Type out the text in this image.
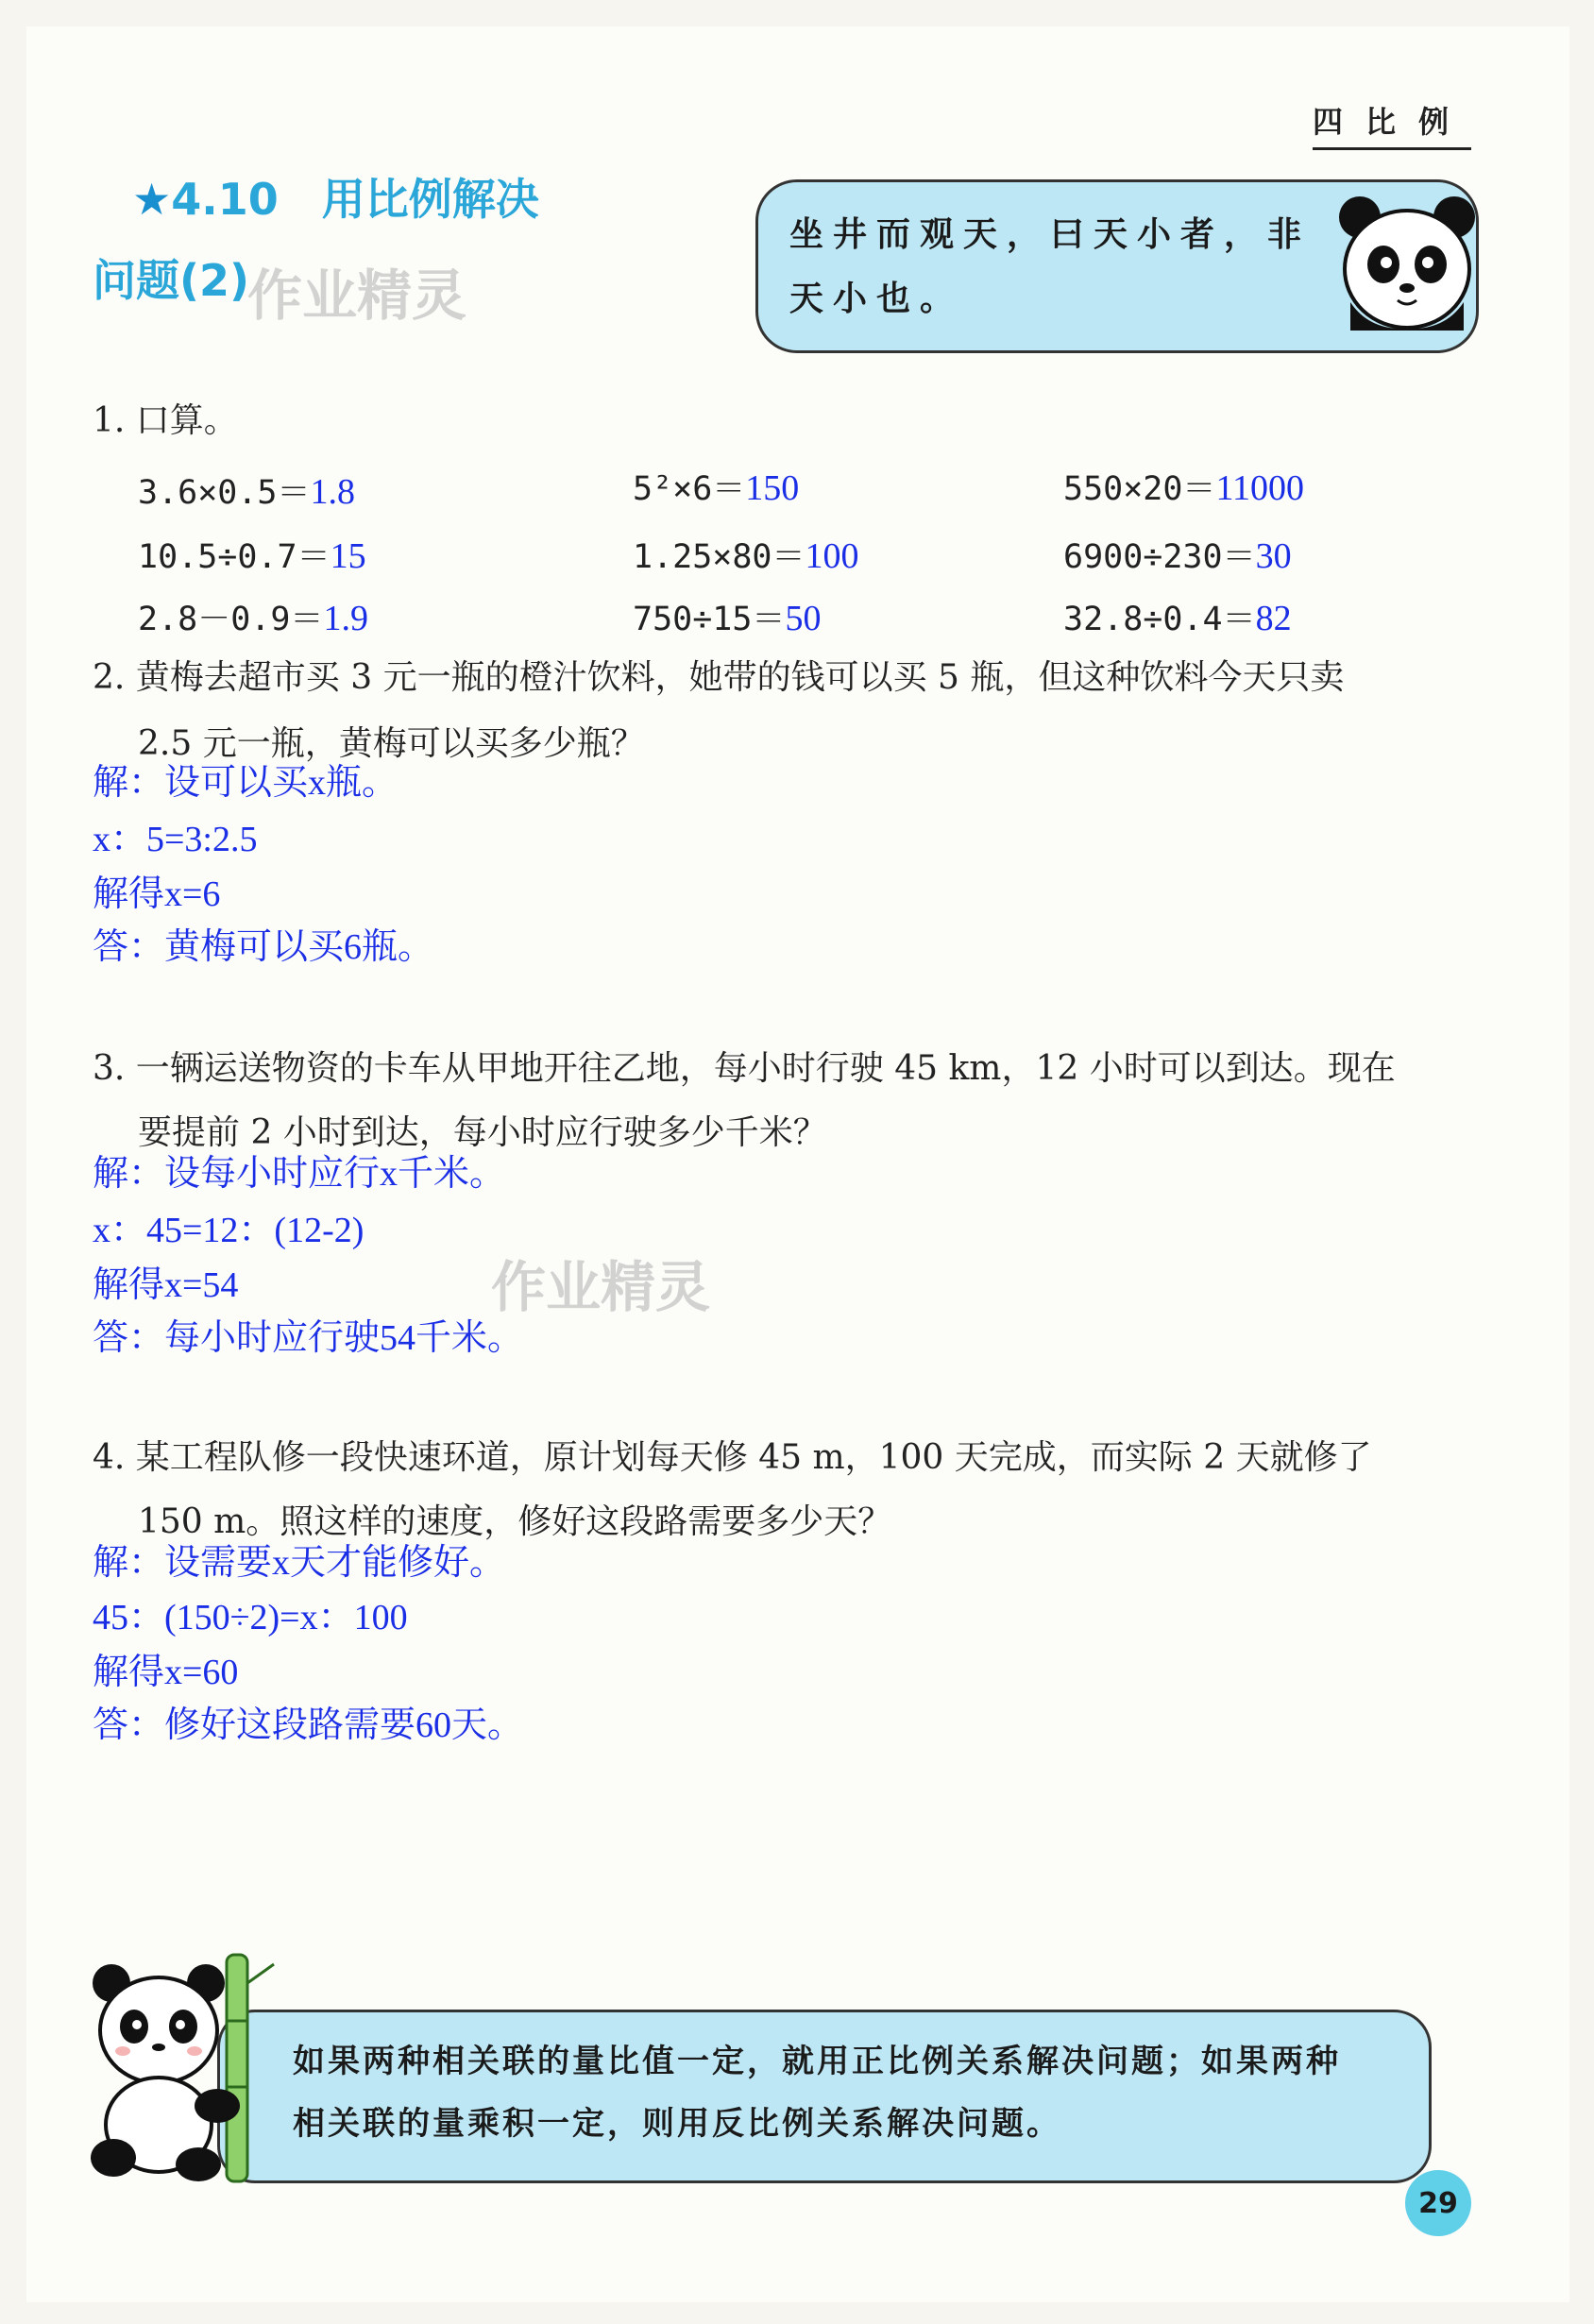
四比例
★4.10　用比例解决
问题(2)
作业精灵
坐井而观天，曰天小者，非天小也。
1. 口算。
3.6×0.5＝1.8	5²×6＝150	550×20＝11000
10.5÷0.7＝15	1.25×80＝100	6900÷230＝30
2.8－0.9＝1.9	750÷15＝50	32.8÷0.4＝82
2. 黄梅去超市买 3 元一瓶的橙汁饮料，她带的钱可以买 5 瓶，但这种饮料今天只卖
2.5 元一瓶，黄梅可以买多少瓶？
解：设可以买x瓶。
x：5=3:2.5
解得x=6
答：黄梅可以买6瓶。
3. 一辆运送物资的卡车从甲地开往乙地，每小时行驶 45 km，12 小时可以到达。现在
要提前 2 小时到达，每小时应行驶多少千米？
解：设每小时应行x千米。
x：45=12：(12-2)
解得x=54
答：每小时应行驶54千米。
作业精灵
4. 某工程队修一段快速环道，原计划每天修 45 m，100 天完成，而实际 2 天就修了
150 m。照这样的速度，修好这段路需要多少天？
解：设需要x天才能修好。
45：(150÷2)=x：100
解得x=60
答：修好这段路需要60天。
如果两种相关联的量比值一定，就用正比例关系解决问题；如果两种
相关联的量乘积一定，则用反比例关系解决问题。
29
